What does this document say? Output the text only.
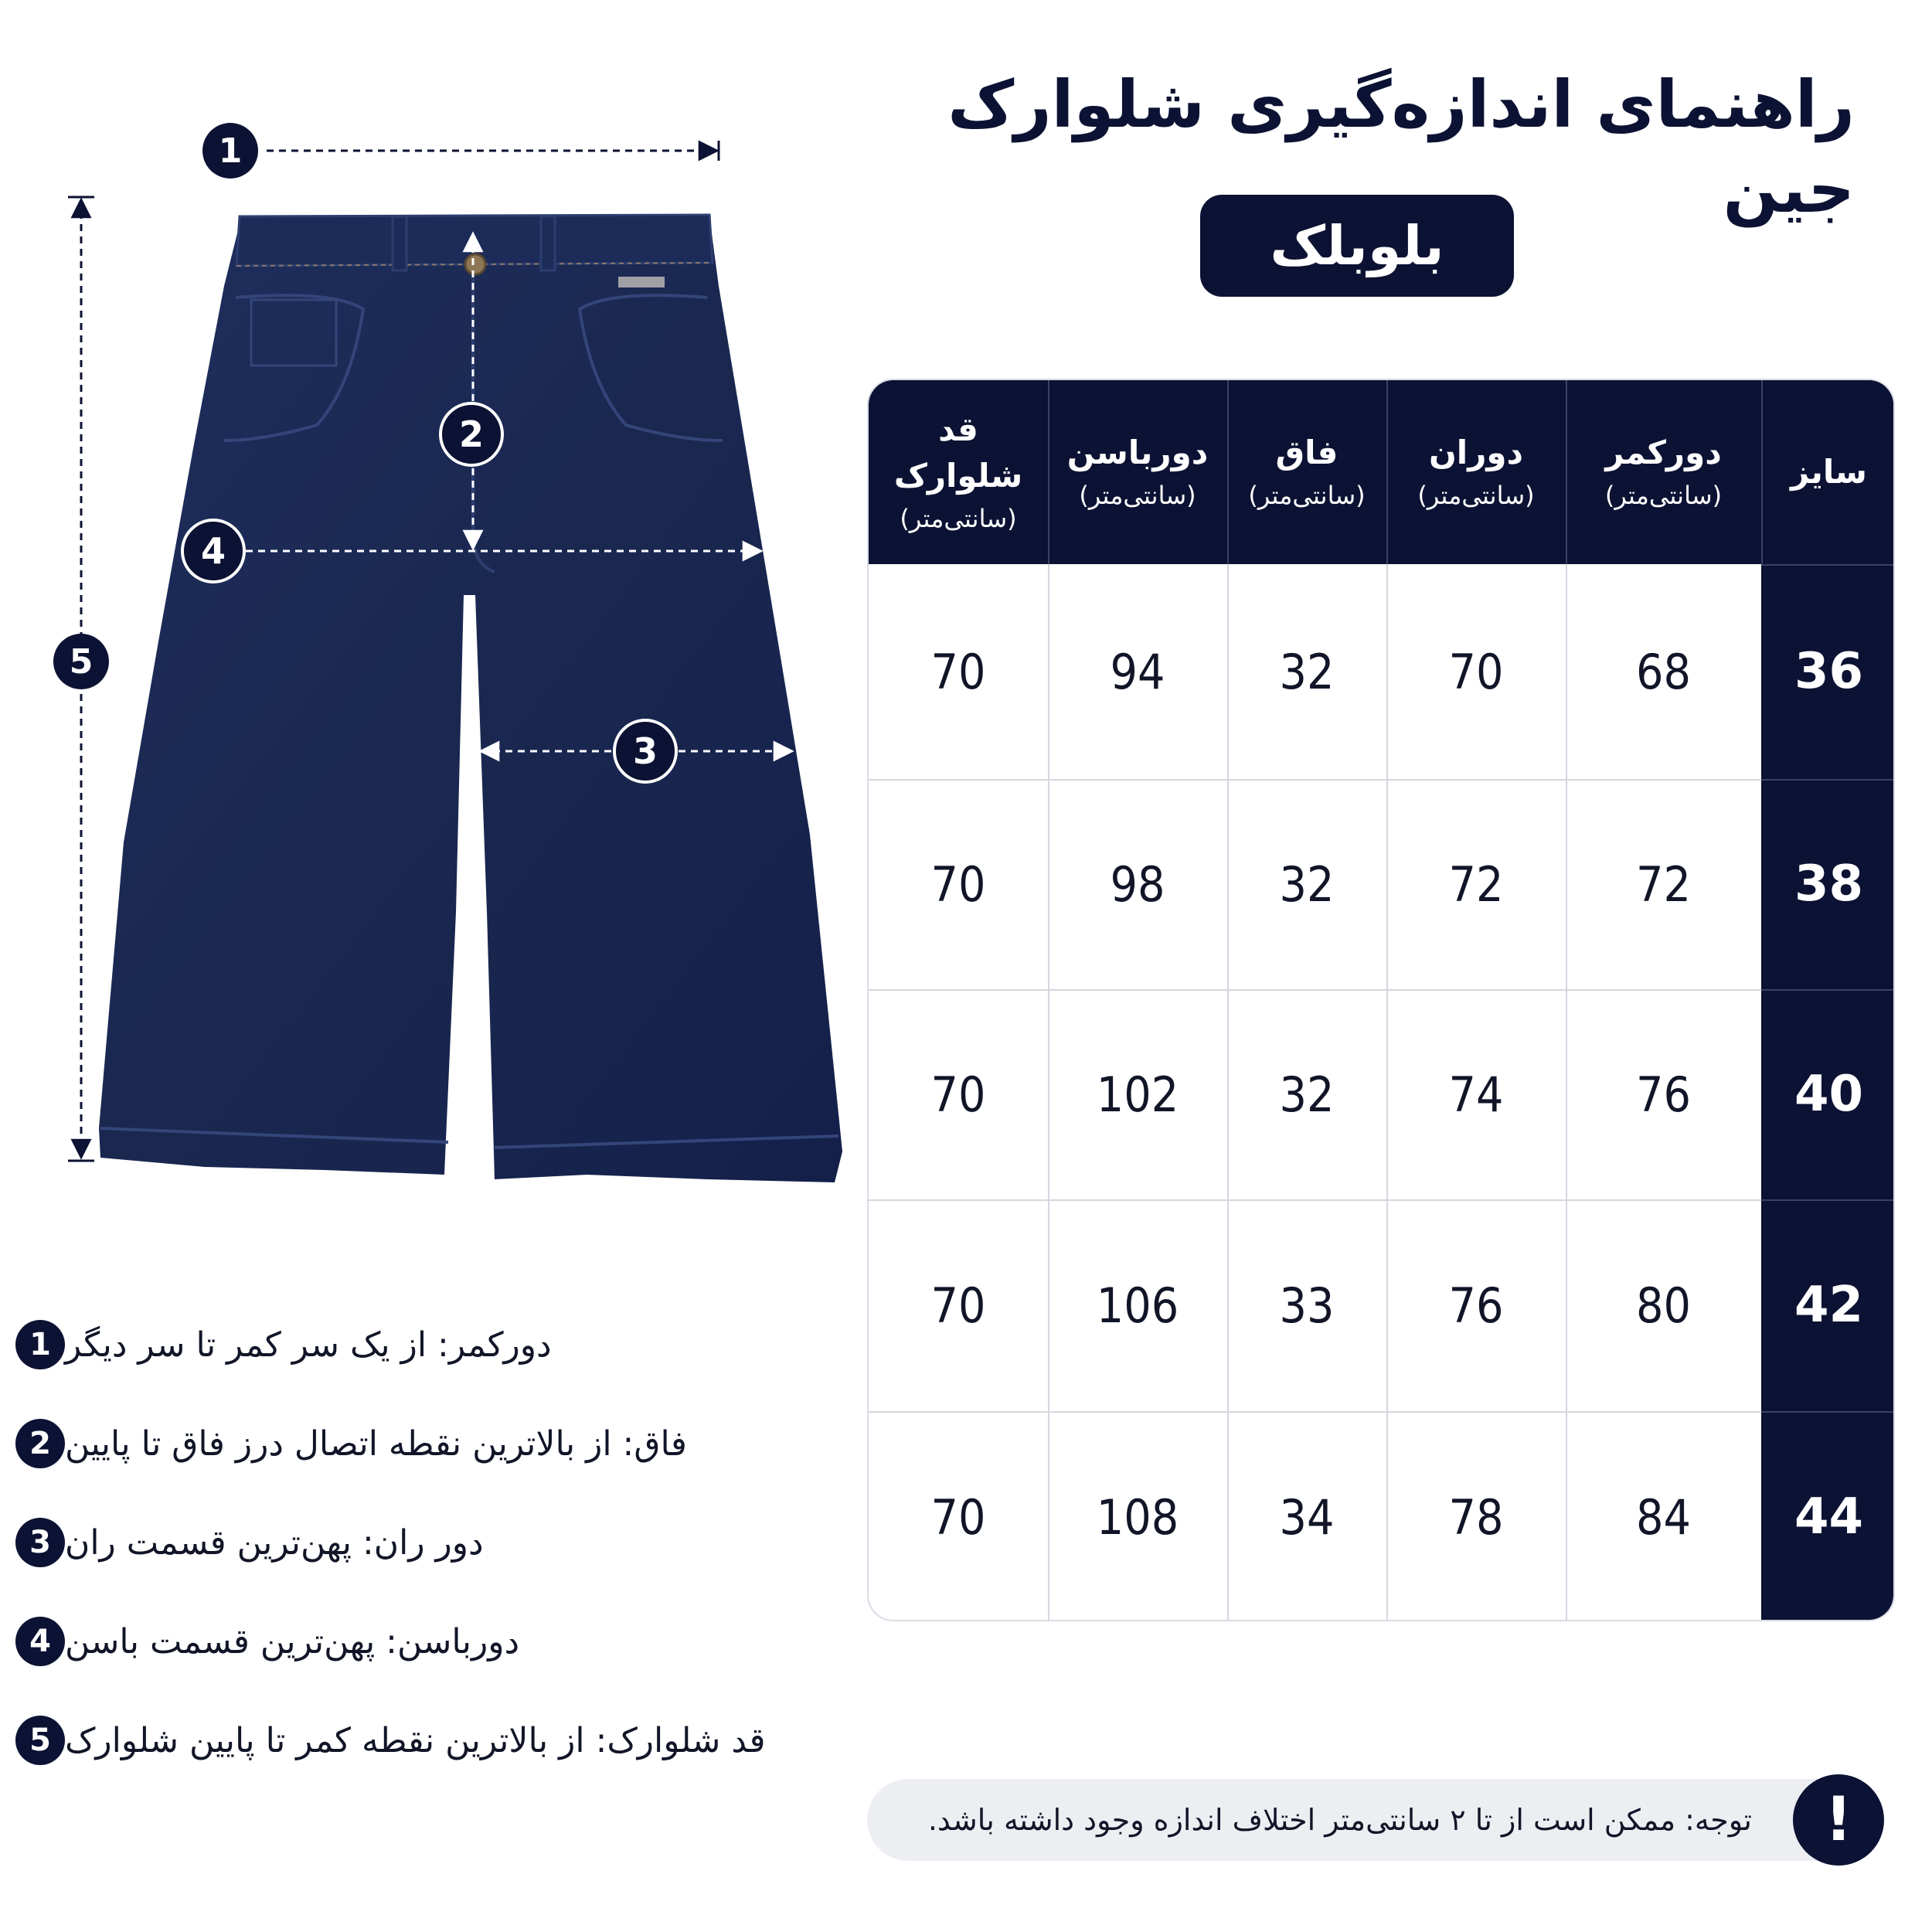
راهنمای اندازه‌گیری شلوارک جین
بلوبلک
1
5
2
4
3
سایز
دورکمر
(سانتی‌متر)
دوران
(سانتی‌متر)
فاق
(سانتی‌متر)
دورباسن
(سانتی‌متر)
قد شلوارک
(سانتی‌متر)
36
68
70
32
94
70
38
72
72
32
98
70
40
76
74
32
102
70
42
80
76
33
106
70
44
84
78
34
108
70
1 دورکمر: از یک سر کمر تا سر دیگر
2 فاق: از بالاترین نقطه اتصال درز فاق تا پایین
3 دور ران: پهن‌ترین قسمت ران
4 دورباسن: پهن‌ترین قسمت باسن
5 قد شلوارک: از بالاترین نقطه کمر تا پایین شلوارک
توجه: ممکن است از تا ۲ سانتی‌متر اختلاف اندازه وجود داشته باشد.	!
